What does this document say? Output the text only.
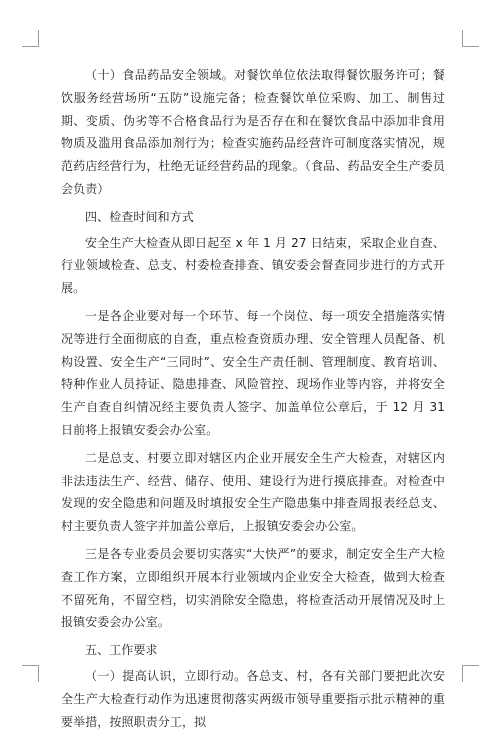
（十）食品药品安全领域。对餐饮单位依法取得餐饮服务许可；餐饮服务经营场所“五防”设施完备；检查餐饮单位采购、加工、制售过期、变质、伪劣等不合格食品行为是否存在和在餐饮食品中添加非食用物质及滥用食品添加剂行为；检查实施药品经营许可制度落实情况，规范药店经营行为，杜绝无证经营药品的现象。（食品、药品安全生产委员会负责）

四、检查时间和方式

安全生产大检查从即日起至 x 年 1 月 27 日结束，采取企业自查、行业领域检查、总支、村委检查排查、镇安委会督查同步进行的方式开展。

一是各企业要对每一个环节、每一个岗位、每一项安全措施落实情况等进行全面彻底的自查，重点检查资质办理、安全管理人员配备、机构设置、安全生产“三同时”、安全生产责任制、管理制度、教育培训、特种作业人员持证、隐患排查、风险管控、现场作业等内容，并将安全生产自查自纠情况经主要负责人签字、加盖单位公章后，于 12 月 31 日前将上报镇安委会办公室。

二是总支、村要立即对辖区内企业开展安全生产大检查，对辖区内非法违法生产、经营、储存、使用、建设行为进行摸底排查。对检查中发现的安全隐患和问题及时填报安全生产隐患集中排查周报表经总支、村主要负责人签字并加盖公章后，上报镇安委会办公室。

三是各专业委员会要切实落实“大快严”的要求，制定安全生产大检查工作方案，立即组织开展本行业领域内企业安全大检查，做到大检查不留死角，不留空档，切实消除安全隐患，将检查活动开展情况及时上报镇安委会办公室。

五、工作要求

（一）提高认识，立即行动。各总支、村，各有关部门要把此次安全生产大检查行动作为迅速贯彻落实两级市领导重要指示批示精神的重要举措，按照职责分工，拟
